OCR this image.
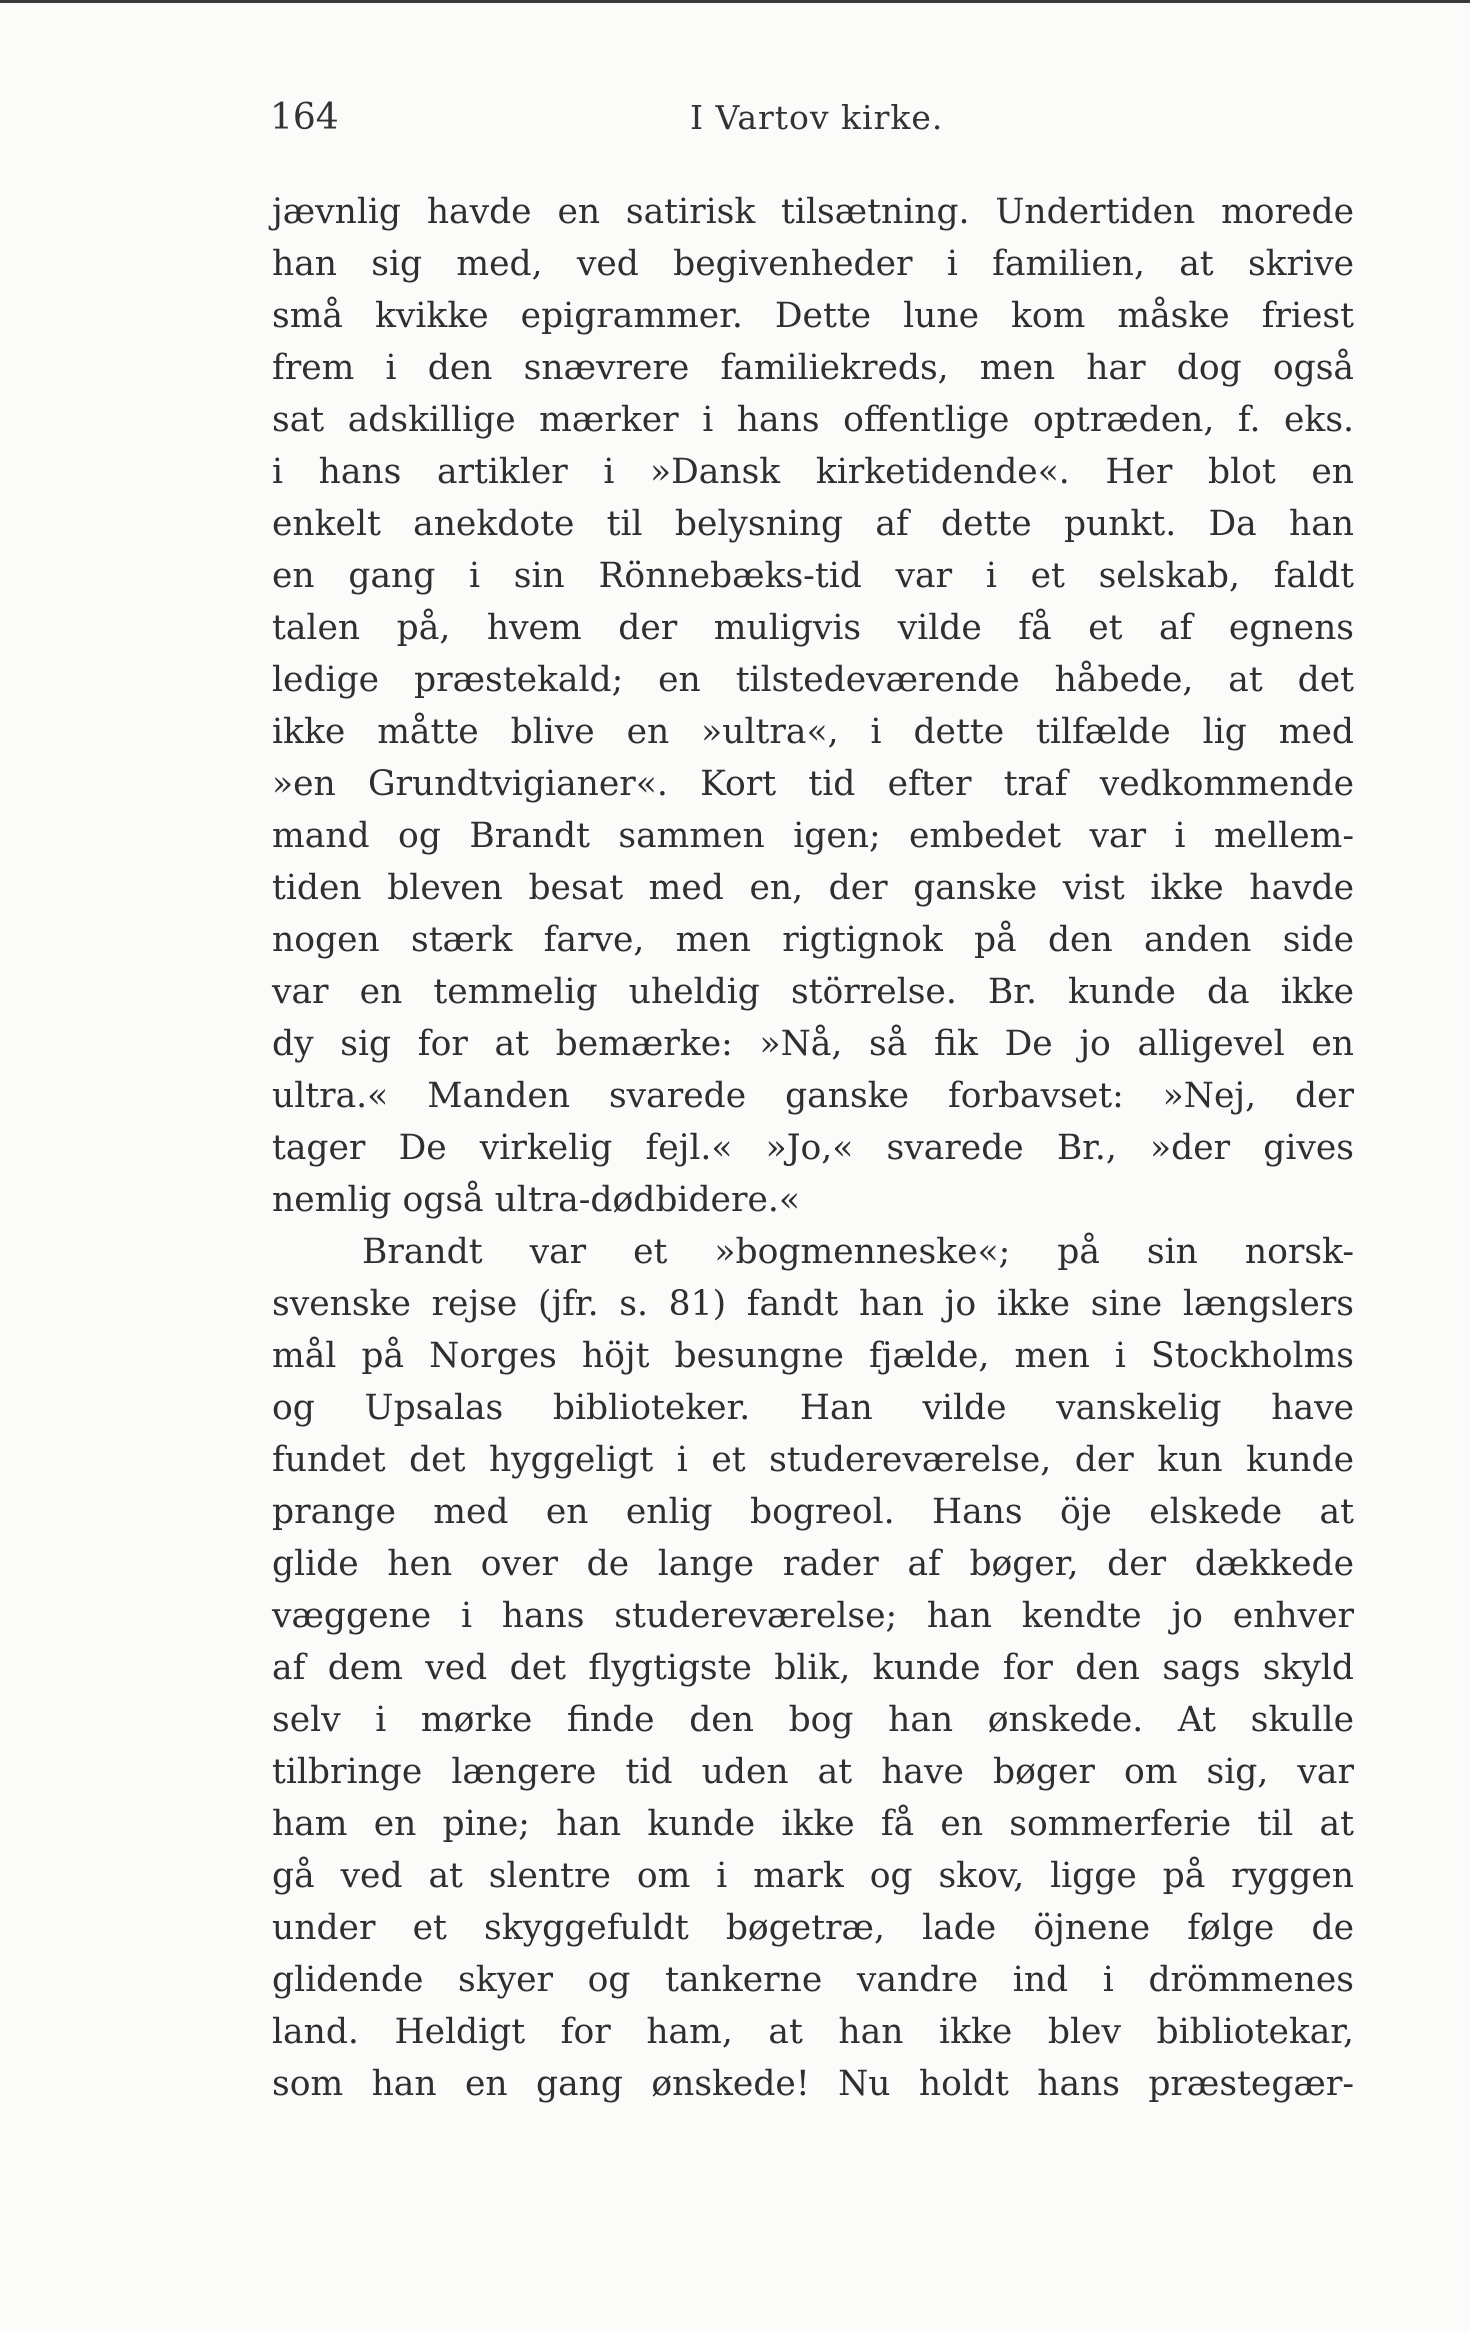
164	I Vartov kirke.
jævnlig havde en satirisk tilsætning. Undertiden morede
han sig med, ved begivenheder i familien, at skrive
små kvikke epigrammer. Dette lune kom måske friest
frem i den snævrere familiekreds, men har dog også
sat adskillige mærker i hans offentlige optræden, f. eks.
i hans artikler i »Dansk kirketidende«. Her blot en
enkelt anekdote til belysning af dette punkt. Da han
en gang i sin Rönnebæks-tid var i et selskab, faldt
talen på, hvem der muligvis vilde få et af egnens
ledige præstekald; en tilstedeværende håbede, at det
ikke måtte blive en »ultra«, i dette tilfælde lig med
»en Grundtvigianer«. Kort tid efter traf vedkommende
mand og Brandt sammen igen; embedet var i mellem-
tiden bleven besat med en, der ganske vist ikke havde
nogen stærk farve, men rigtignok på den anden side
var en temmelig uheldig störrelse. Br. kunde da ikke
dy sig for at bemærke: »Nå, så fik De jo alligevel en
ultra.« Manden svarede ganske forbavset: »Nej, der
tager De virkelig fejl.« »Jo,« svarede Br., »der gives
nemlig også ultra-dødbidere.«
Brandt var et »bogmenneske«; på sin norsk-
svenske rejse (jfr. s. 81) fandt han jo ikke sine længslers
mål på Norges höjt besungne fjælde, men i Stockholms
og Upsalas biblioteker. Han vilde vanskelig have
fundet det hyggeligt i et studereværelse, der kun kunde
prange med en enlig bogreol. Hans öje elskede at
glide hen over de lange rader af bøger, der dækkede
væggene i hans studereværelse; han kendte jo enhver
af dem ved det flygtigste blik, kunde for den sags skyld
selv i mørke finde den bog han ønskede. At skulle
tilbringe længere tid uden at have bøger om sig, var
ham en pine; han kunde ikke få en sommerferie til at
gå ved at slentre om i mark og skov, ligge på ryggen
under et skyggefuldt bøgetræ, lade öjnene følge de
glidende skyer og tankerne vandre ind i drömmenes
land. Heldigt for ham, at han ikke blev bibliotekar,
som han en gang ønskede! Nu holdt hans præstegær-
